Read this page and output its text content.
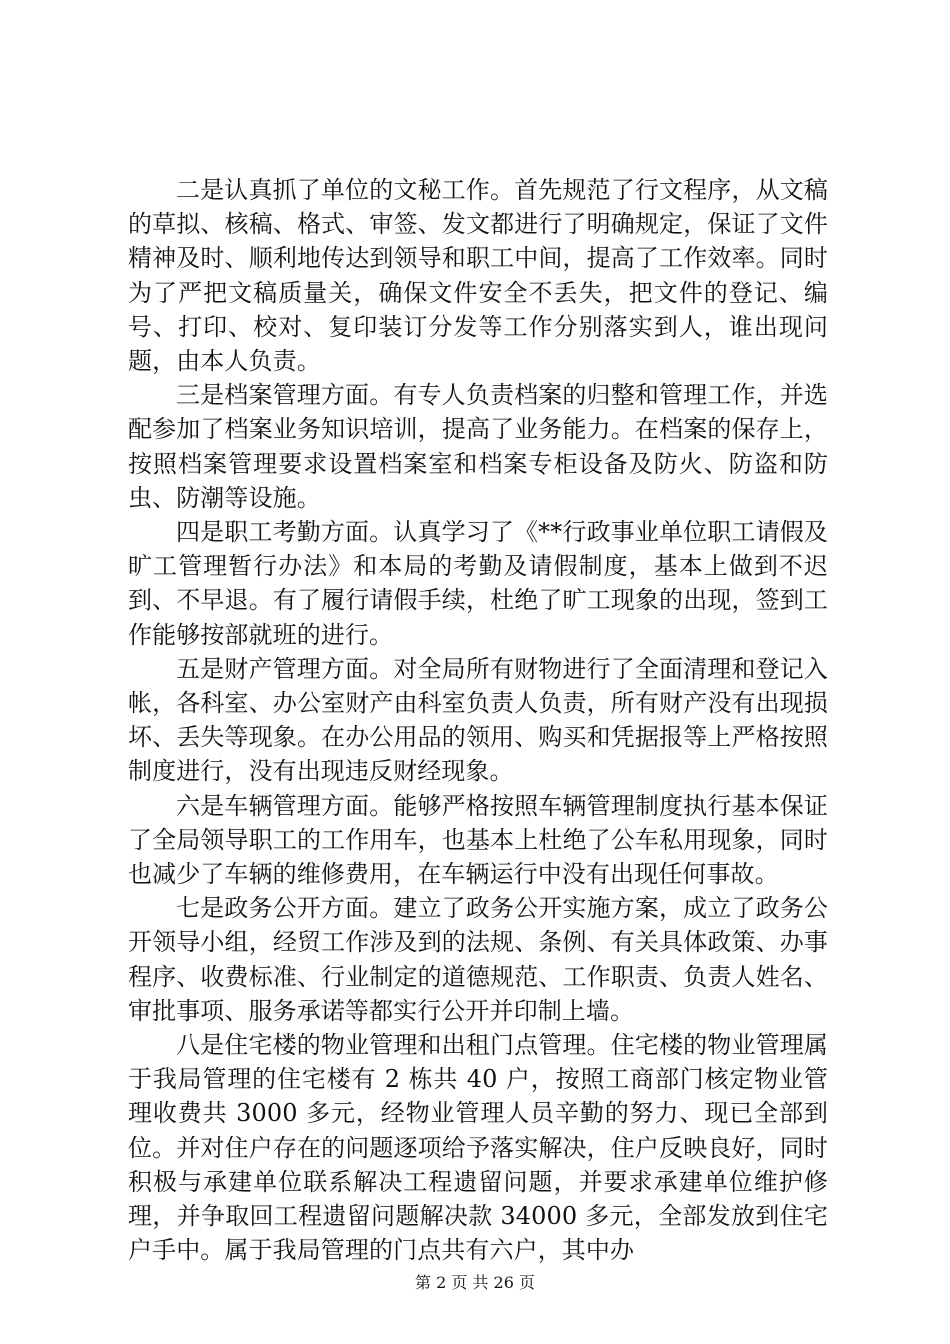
二是认真抓了单位的文秘工作。首先规范了行文程序，从文稿的草拟、核稿、格式、审签、发文都进行了明确规定，保证了文件精神及时、顺利地传达到领导和职工中间，提高了工作效率。同时为了严把文稿质量关，确保文件安全不丢失，把文件的登记、编号、打印、校对、复印装订分发等工作分别落实到人，谁出现问题，由本人负责。

三是档案管理方面。有专人负责档案的归整和管理工作，并选配参加了档案业务知识培训，提高了业务能力。在档案的保存上，按照档案管理要求设置档案室和档案专柜设备及防火、防盗和防虫、防潮等设施。

四是职工考勤方面。认真学习了《**行政事业单位职工请假及旷工管理暂行办法》和本局的考勤及请假制度，基本上做到不迟到、不早退。有了履行请假手续，杜绝了旷工现象的出现，签到工作能够按部就班的进行。

五是财产管理方面。对全局所有财物进行了全面清理和登记入帐，各科室、办公室财产由科室负责人负责，所有财产没有出现损坏、丢失等现象。在办公用品的领用、购买和凭据报等上严格按照制度进行，没有出现违反财经现象。

六是车辆管理方面。能够严格按照车辆管理制度执行基本保证了全局领导职工的工作用车，也基本上杜绝了公车私用现象，同时也减少了车辆的维修费用，在车辆运行中没有出现任何事故。

七是政务公开方面。建立了政务公开实施方案，成立了政务公开领导小组，经贸工作涉及到的法规、条例、有关具体政策、办事程序、收费标准、行业制定的道德规范、工作职责、负责人姓名、审批事项、服务承诺等都实行公开并印制上墙。

八是住宅楼的物业管理和出租门点管理。住宅楼的物业管理属于我局管理的住宅楼有 2 栋共 40 户，按照工商部门核定物业管理收费共 3000 多元，经物业管理人员辛勤的努力、现已全部到位。并对住户存在的问题逐项给予落实解决，住户反映良好，同时积极与承建单位联系解决工程遗留问题，并要求承建单位维护修理，并争取回工程遗留问题解决款 34000 多元，全部发放到住宅户手中。属于我局管理的门点共有六户，其中办

第 2 页 共 26 页
